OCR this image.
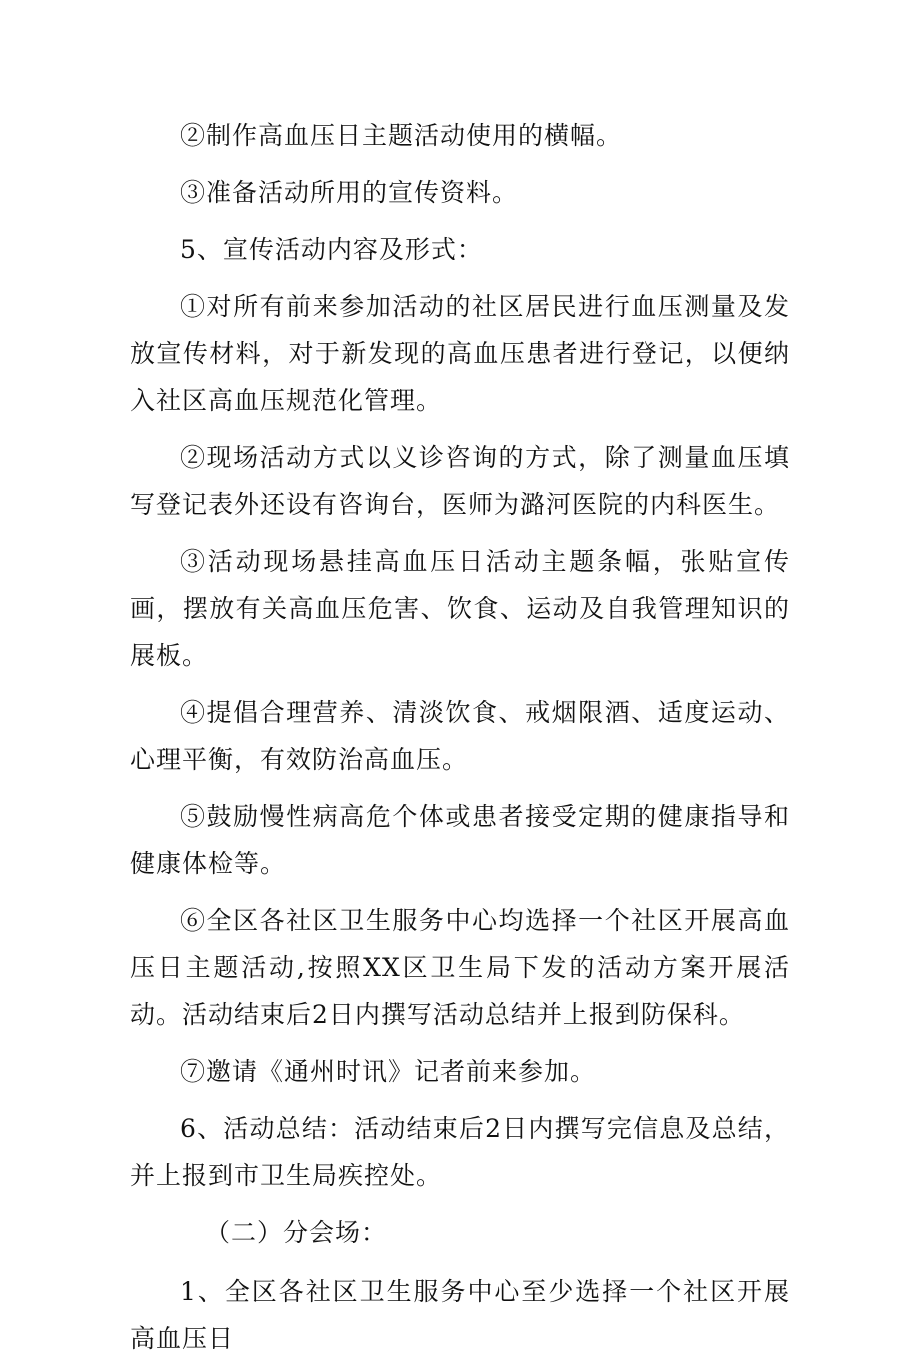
②制作高血压日主题活动使用的横幅。

③准备活动所用的宣传资料。

5、宣传活动内容及形式：

①对所有前来参加活动的社区居民进行血压测量及发放宣传材料，对于新发现的高血压患者进行登记，以便纳入社区高血压规范化管理。

②现场活动方式以义诊咨询的方式，除了测量血压填写登记表外还设有咨询台，医师为潞河医院的内科医生。

③活动现场悬挂高血压日活动主题条幅，张贴宣传画，摆放有关高血压危害、饮食、运动及自我管理知识的展板。

④提倡合理营养、清淡饮食、戒烟限酒、适度运动、心理平衡，有效防治高血压。

⑤鼓励慢性病高危个体或患者接受定期的健康指导和健康体检等。

⑥全区各社区卫生服务中心均选择一个社区开展高血压日主题活动,按照XX区卫生局下发的活动方案开展活动。活动结束后2日内撰写活动总结并上报到防保科。

⑦邀请《通州时讯》记者前来参加。

6、活动总结：活动结束后2日内撰写完信息及总结，并上报到市卫生局疾控处。

（二）分会场：

1、全区各社区卫生服务中心至少选择一个社区开展高血压日
